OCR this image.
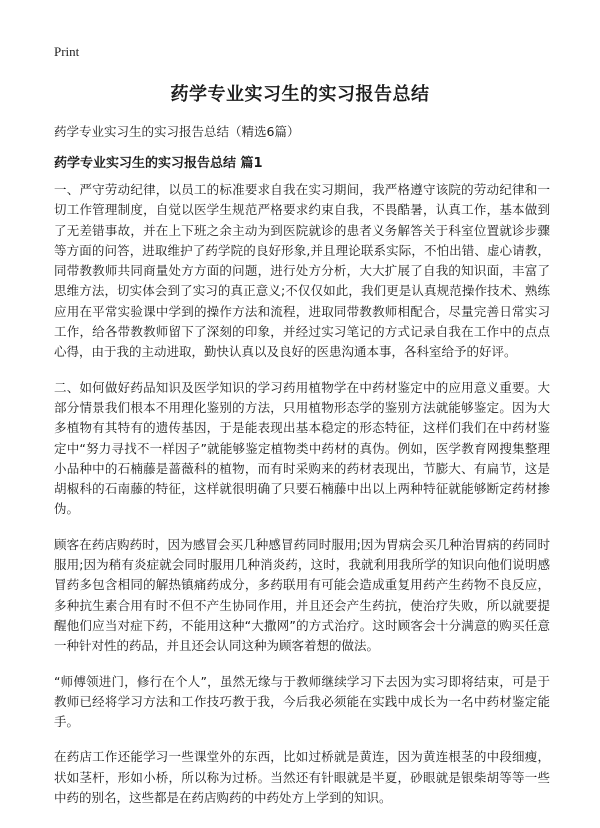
Print
药学专业实习生的实习报告总结

药学专业实习生的实习报告总结（精选6篇）

药学专业实习生的实习报告总结 篇1

一、严守劳动纪律，以员工的标准要求自我在实习期间，我严格遵守该院的劳动纪律和一切工作管理制度，自觉以医学生规范严格要求约束自我，不畏酷暑，认真工作，基本做到了无差错事故，并在上下班之余主动为到医院就诊的患者义务解答关于科室位置就诊步骤等方面的问答，进取维护了药学院的良好形象,并且理论联系实际，不怕出错、虚心请教，同带教教师共同商量处方方面的问题，进行处方分析，大大扩展了自我的知识面，丰富了思维方法，切实体会到了实习的真正意义;不仅仅如此，我们更是认真规范操作技术、熟练应用在平常实验课中学到的操作方法和流程，进取同带教教师相配合，尽量完善日常实习工作，给各带教教师留下了深刻的印象，并经过实习笔记的方式记录自我在工作中的点点心得，由于我的主动进取，勤快认真以及良好的医患沟通本事，各科室给予的好评。

二、如何做好药品知识及医学知识的学习药用植物学在中药材鉴定中的应用意义重要。大部分情景我们根本不用理化鉴别的方法，只用植物形态学的鉴别方法就能够鉴定。因为大多植物有其特有的遗传基因，于是能表现出基本稳定的形态特征，这样们我们在中药材鉴定中“努力寻找不一样因子”就能够鉴定植物类中药材的真伪。例如，医学教育网搜集整理小品种中的石楠藤是蔷薇科的植物，而有时采购来的药材表现出，节膨大、有扁节，这是胡椒科的石南藤的特征，这样就很明确了只要石楠藤中出以上两种特征就能够断定药材掺伪。

顾客在药店购药时，因为感冒会买几种感冒药同时服用;因为胃病会买几种治胃病的药同时服用;因为稍有炎症就会同时服用几种消炎药，这时，我就利用我所学的知识向他们说明感冒药多包含相同的解热镇痛药成分，多药联用有可能会造成重复用药产生药物不良反应，多种抗生素合用有时不但不产生协同作用，并且还会产生药抗，使治疗失败，所以就要提醒他们应当对症下药，不能用这种“大撒网”的方式治疗。这时顾客会十分满意的购买任意一种针对性的药品，并且还会认同这种为顾客着想的做法。

“师傅领进门，修行在个人”，虽然无缘与于教师继续学习下去因为实习即将结束，可是于教师已经将学习方法和工作技巧教于我，今后我必须能在实践中成长为一名中药材鉴定能手。

在药店工作还能学习一些课堂外的东西，比如过桥就是黄连，因为黄连根茎的中段细瘦，状如茎杆，形如小桥，所以称为过桥。当然还有针眼就是半夏，砂眼就是银柴胡等等一些中药的别名，这些都是在药店购药的中药处方上学到的知识。
